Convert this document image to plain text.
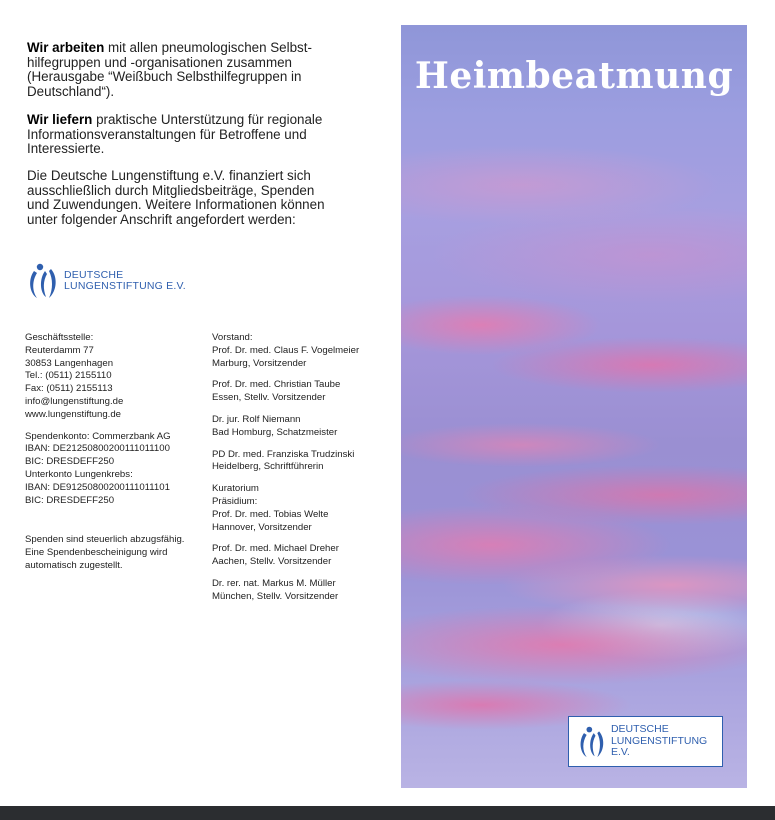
Wir arbeiten mit allen pneumologischen Selbst-
hilfegruppen und -organisationen zusammen
(Herausgabe “Weißbuch Selbsthilfegruppen in
Deutschland“).

Wir liefern praktische Unterstützung für regionale
Informationsveranstaltungen für Betroffene und
Interessierte.

Die Deutsche Lungenstiftung e.V. finanziert sich
ausschließlich durch Mitgliedsbeiträge, Spenden
und Zuwendungen. Weitere Informationen können
unter folgender Anschrift angefordert werden:

DEUTSCHE
LUNGENSTIFTUNG E.V.
Geschäftsstelle:
Reuterdamm 77
30853 Langenhagen
Tel.: (0511) 2155110
Fax: (0511) 2155113
info@lungenstiftung.de
www.lungenstiftung.de
Spendenkonto: Commerzbank AG
IBAN: DE21250800200111011100
BIC: DRESDEFF250
Unterkonto Lungenkrebs:
IBAN: DE91250800200111011101
BIC: DRESDEFF250
Spenden sind steuerlich abzugsfähig.
Eine Spendenbescheinigung wird
automatisch zugestellt.
Vorstand:
Prof. Dr. med. Claus F. Vogelmeier
Marburg, Vorsitzender
Prof. Dr. med. Christian Taube
Essen, Stellv. Vorsitzender
Dr. jur. Rolf Niemann
Bad Homburg, Schatzmeister
PD Dr. med. Franziska Trudzinski
Heidelberg, Schriftführerin
Kuratorium
Präsidium:
Prof. Dr. med. Tobias Welte
Hannover, Vorsitzender
Prof. Dr. med. Michael Dreher
Aachen, Stellv. Vorsitzender
Dr. rer. nat. Markus M. Müller
München, Stellv. Vorsitzender
Heimbeatmung
DEUTSCHE
LUNGENSTIFTUNG E.V.
